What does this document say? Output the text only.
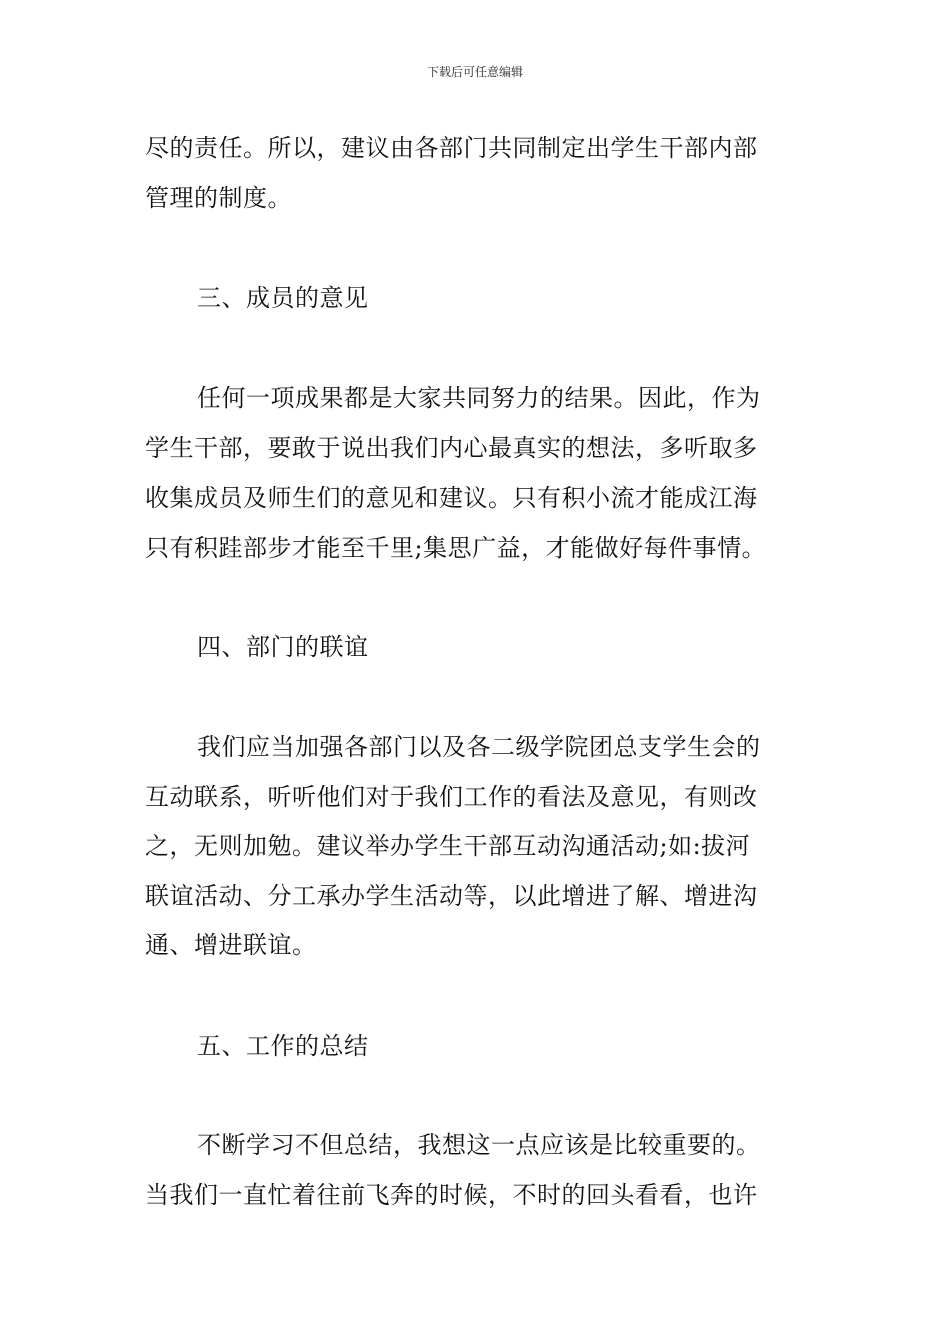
下载后可任意编辑
尽的责任。所以，建议由各部门共同制定出学生干部内部
管理的制度。
三、成员的意见
任何一项成果都是大家共同努力的结果。因此，作为
学生干部，要敢于说出我们内心最真实的想法，多听取多
收集成员及师生们的意见和建议。只有积小流才能成江海
只有积跬部步才能至千里;集思广益，才能做好每件事情。
四、部门的联谊
我们应当加强各部门以及各二级学院团总支学生会的
互动联系，听听他们对于我们工作的看法及意见，有则改
之，无则加勉。建议举办学生干部互动沟通活动;如:拔河
联谊活动、分工承办学生活动等，以此增进了解、增进沟
通、增进联谊。
五、工作的总结
不断学习不但总结，我想这一点应该是比较重要的。
当我们一直忙着往前飞奔的时候，不时的回头看看，也许
